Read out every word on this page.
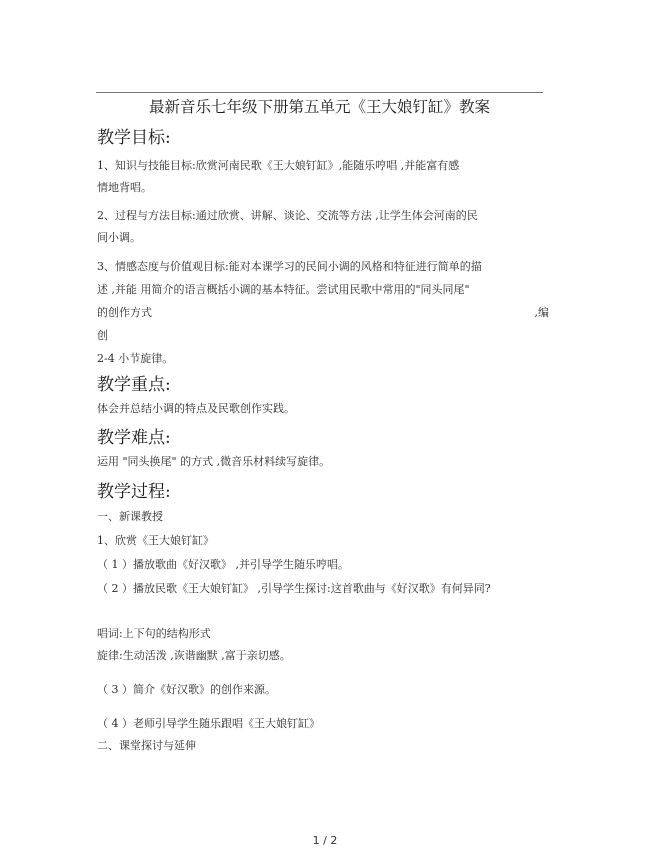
最新音乐七年级下册第五单元《王大娘钉缸》教案
教学目标:
1、知识与技能目标:欣赏河南民歌《王大娘钉缸》,能随乐哼唱 ,并能富有感
情地背唱。
2、过程与方法目标:通过欣赏、讲解、谈论、交流等方法 ,让学生体会河南的民
间小调。
3、情感态度与价值观目标:能对本课学习的民间小调的风格和特征进行简单的描
述 ,并能 用简介的语言概括小调的基本特征。尝试用民歌中常用的"同头同尾"
的创作方式	,编
创
2-4 小节旋律。
教学重点:
体会并总结小调的特点及民歌创作实践。
教学难点:
运用 "同头换尾" 的方式 ,微音乐材料续写旋律。
教学过程:
一、新课教授
1、欣赏《王大娘钉缸》
（ 1 ）播放歌曲《好汉歌》 ,并引导学生随乐哼唱。
（ 2 ）播放民歌《王大娘钉缸》 ,引导学生探讨:这首歌曲与《好汉歌》有何异同?
唱词:上下句的结构形式
旋律:生动活泼 ,诙谐幽默 ,富于亲切感。
（ 3 ）简介《好汉歌》的创作来源。
（ 4 ）老师引导学生随乐跟唱《王大娘钉缸》
二、课堂探讨与延伸
1 / 2
